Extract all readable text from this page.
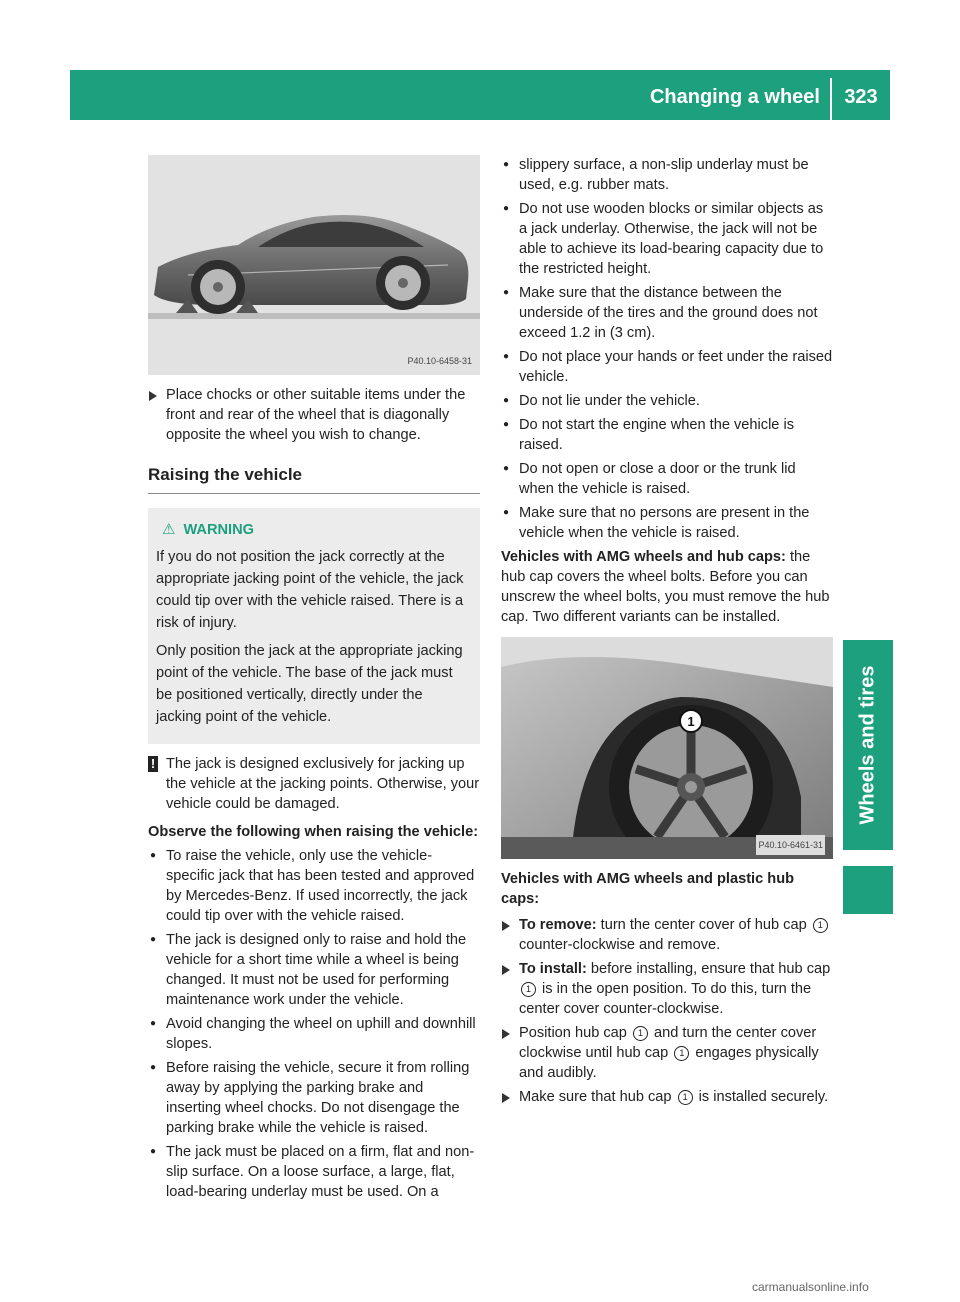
Changing a wheel	323
Wheels and tires
P40.10-6458-31

Place chocks or other suitable items under the front and rear of the wheel that is diagonally opposite the wheel you wish to change.

Raising the vehicle
⚠ WARNING

If you do not position the jack correctly at the appropriate jacking point of the vehicle, the jack could tip over with the vehicle raised. There is a risk of injury.

Only position the jack at the appropriate jacking point of the vehicle. The base of the jack must be positioned vertically, directly under the jacking point of the vehicle.

! The jack is designed exclusively for jacking up the vehicle at the jacking points. Otherwise, your vehicle could be damaged.
Observe the following when raising the vehicle:

● To raise the vehicle, only use the vehicle-specific jack that has been tested and approved by Mercedes-Benz. If used incorrectly, the jack could tip over with the vehicle raised.

● The jack is designed only to raise and hold the vehicle for a short time while a wheel is being changed. It must not be used for performing maintenance work under the vehicle.

● Avoid changing the wheel on uphill and downhill slopes.

● Before raising the vehicle, secure it from rolling away by applying the parking brake and inserting wheel chocks. Do not disengage the parking brake while the vehicle is raised.

● The jack must be placed on a firm, flat and non-slip surface. On a loose surface, a large, flat, load-bearing underlay must be used. On a

● slippery surface, a non-slip underlay must be used, e.g. rubber mats.

● Do not use wooden blocks or similar objects as a jack underlay. Otherwise, the jack will not be able to achieve its load-bearing capacity due to the restricted height.

● Make sure that the distance between the underside of the tires and the ground does not exceed 1.2 in (3 cm).

● Do not place your hands or feet under the raised vehicle.

● Do not lie under the vehicle.

● Do not start the engine when the vehicle is raised.

● Do not open or close a door or the trunk lid when the vehicle is raised.

● Make sure that no persons are present in the vehicle when the vehicle is raised.

Vehicles with AMG wheels and hub caps: the hub cap covers the wheel bolts. Before you can unscrew the wheel bolts, you must remove the hub cap. Two different variants can be installed.

1
P40.10-6461-31
Vehicles with AMG wheels and plastic hub caps:

To remove: turn the center cover of hub cap 1 counter-clockwise and remove.

To install: before installing, ensure that hub cap 1 is in the open position. To do this, turn the center cover counter-clockwise.

Position hub cap 1 and turn the center cover clockwise until hub cap 1 engages physically and audibly.

Make sure that hub cap 1 is installed securely.

carmanualsonline.info
